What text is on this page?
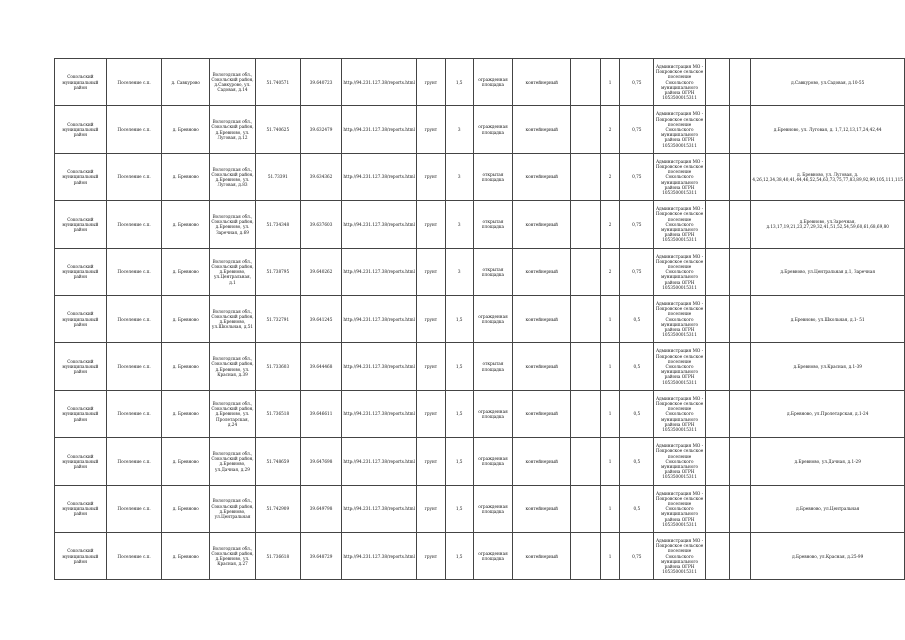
Сокольский муниципальный район	Поселение с.п.	д. Савкурово	Вологодская обл., Сокольский район, д.Савкурово, ул. Садовая, д.14	51.740571	39.640723	http://94.231.127.38/reports.html	грунт	1,5	огражденная площадка	контейнерный		1	0,75	Администрация МО - Покровское сельское поселение Сокольского муниципального района ОГРН 1053500015311			д.Савкурово, ул.Садовая, д.10-55
Сокольский муниципальный район	Поселение с.п.	д. Бревново	Вологодская обл., Сокольский район, д.Бревново, ул. Луговая, д.12	51.740625	39.632479	http://94.231.127.38/reports.html	грунт	3	огражденная площадка	контейнерный		2	0,75	Администрация МО - Покровское сельское поселение Сокольского муниципального района ОГРН 1053500015311			д.Бревново, ул. Луговая, д. 1,7,12,13,17,24,42,44
Сокольский муниципальный район	Поселение с.п.	д. Бревново	Вологодская обл., Сокольский район, д.Бревново, ул. Луговая, д.83	51.73391	39.634362	http://94.231.127.38/reports.html	грунт	3	открытая площадка	контейнерный		2	0,75	Администрация МО - Покровское сельское поселение Сокольского муниципального района ОГРН 1053500015311			д. Бревново, ул. Луговая, д. 4,26,12,34,38,40,41,44,46,52,54,63,73,75,77,83,89,92,99,105,111,115
Сокольский муниципальный район	Поселение с.п.	д. Бревново	Вологодская обл., Сокольский район, д.Бревново, ул. Заречная, д.69	51.734348	39.637603	http://94.231.127.38/reports.html	грунт	3	открытая площадка	контейнерный		2	0,75	Администрация МО - Покровское сельское поселение Сокольского муниципального района ОГРН 1053500015311			д.Бревново, ул.Заречная, д.13,17,19,21,23,27,29,32,41,51,52,54,59,60,61,68,69,80
Сокольский муниципальный район	Поселение с.п.	д. Бревново	Вологодская обл., Сокольский район, д.Бревново, ул.Центральная, д.1	51.738795	39.640262	http://94.231.127.38/reports.html	грунт	3	открытая площадка	контейнерный		2	0,75	Администрация МО - Покровское сельское поселение Сокольского муниципального района ОГРН 1053500015311			д.Бревново, ул.Центральная д.1, Заречная
Сокольский муниципальный район	Поселение с.п.	д. Бревново	Вологодская обл., Сокольский район, д.Бревново, ул.Школьная, д.51	51.732791	39.641245	http://94.231.127.38/reports.html	грунт	1,5	огражденная площадка	контейнерный		1	0,5	Администрация МО - Покровское сельское поселение Сокольского муниципального района ОГРН 1053500015311			д.Бревново, ул.Школьная, д.1- 51
Сокольский муниципальный район	Поселение с.п.	д. Бревново	Вологодская обл., Сокольский район, д.Бревново, ул. Красная, д.39	51.733603	39.644468	http://94.231.127.38/reports.html	грунт	1,5	открытая площадка	контейнерный		1	0,5	Администрация МО - Покровское сельское поселение Сокольского муниципального района ОГРН 1053500015311			д.Бревново, ул.Красная, д.1-39
Сокольский муниципальный район	Поселение с.п.	д. Бревново	Вологодская обл., Сокольский район, д.Бревново, ул. Пролетарская, д.24	51.736518	39.646611	http://94.231.127.38/reports.html	грунт	1,5	огражденная площадка	контейнерный		1	0,5	Администрация МО - Покровское сельское поселение Сокольского муниципального района ОГРН 1053500015311			д.Бревново, ул.Пролетарская, д.1-24
Сокольский муниципальный район	Поселение с.п.	д. Бревново	Вологодская обл., Сокольский район, д.Бревново, ул.Дачная, д.29	51.748659	39.647698	http://94.231.127.38/reports.html	грунт	1,5	огражденная площадка	контейнерный		1	0,5	Администрация МО - Покровское сельское поселение Сокольского муниципального района ОГРН 1053500015311			д.Бревново, ул.Дачная, д.1-29
Сокольский муниципальный район	Поселение с.п.	д. Бревново	Вологодская обл., Сокольский район, д.Бревново, ул.Центральная	51.742909	39.649798	http://94.231.127.38/reports.html	грунт	1,5	огражденная площадка	контейнерный		1	0,5	Администрация МО - Покровское сельское поселение Сокольского муниципального района ОГРН 1053500015311			д.Бревново, ул.Центральная
Сокольский муниципальный район	Поселение с.п.	д. Бревново	Вологодская обл., Сокольский район, д.Бревново, ул. Красная, д.27	51.736618	39.648729	http://94.231.127.38/reports.html	грунт	1,5	огражденная площадка	контейнерный		1	0,75	Администрация МО - Покровское сельское поселение Сокольского муниципального района ОГРН 1053500015311			д.Бревново, ул.Красная, д.25-99
